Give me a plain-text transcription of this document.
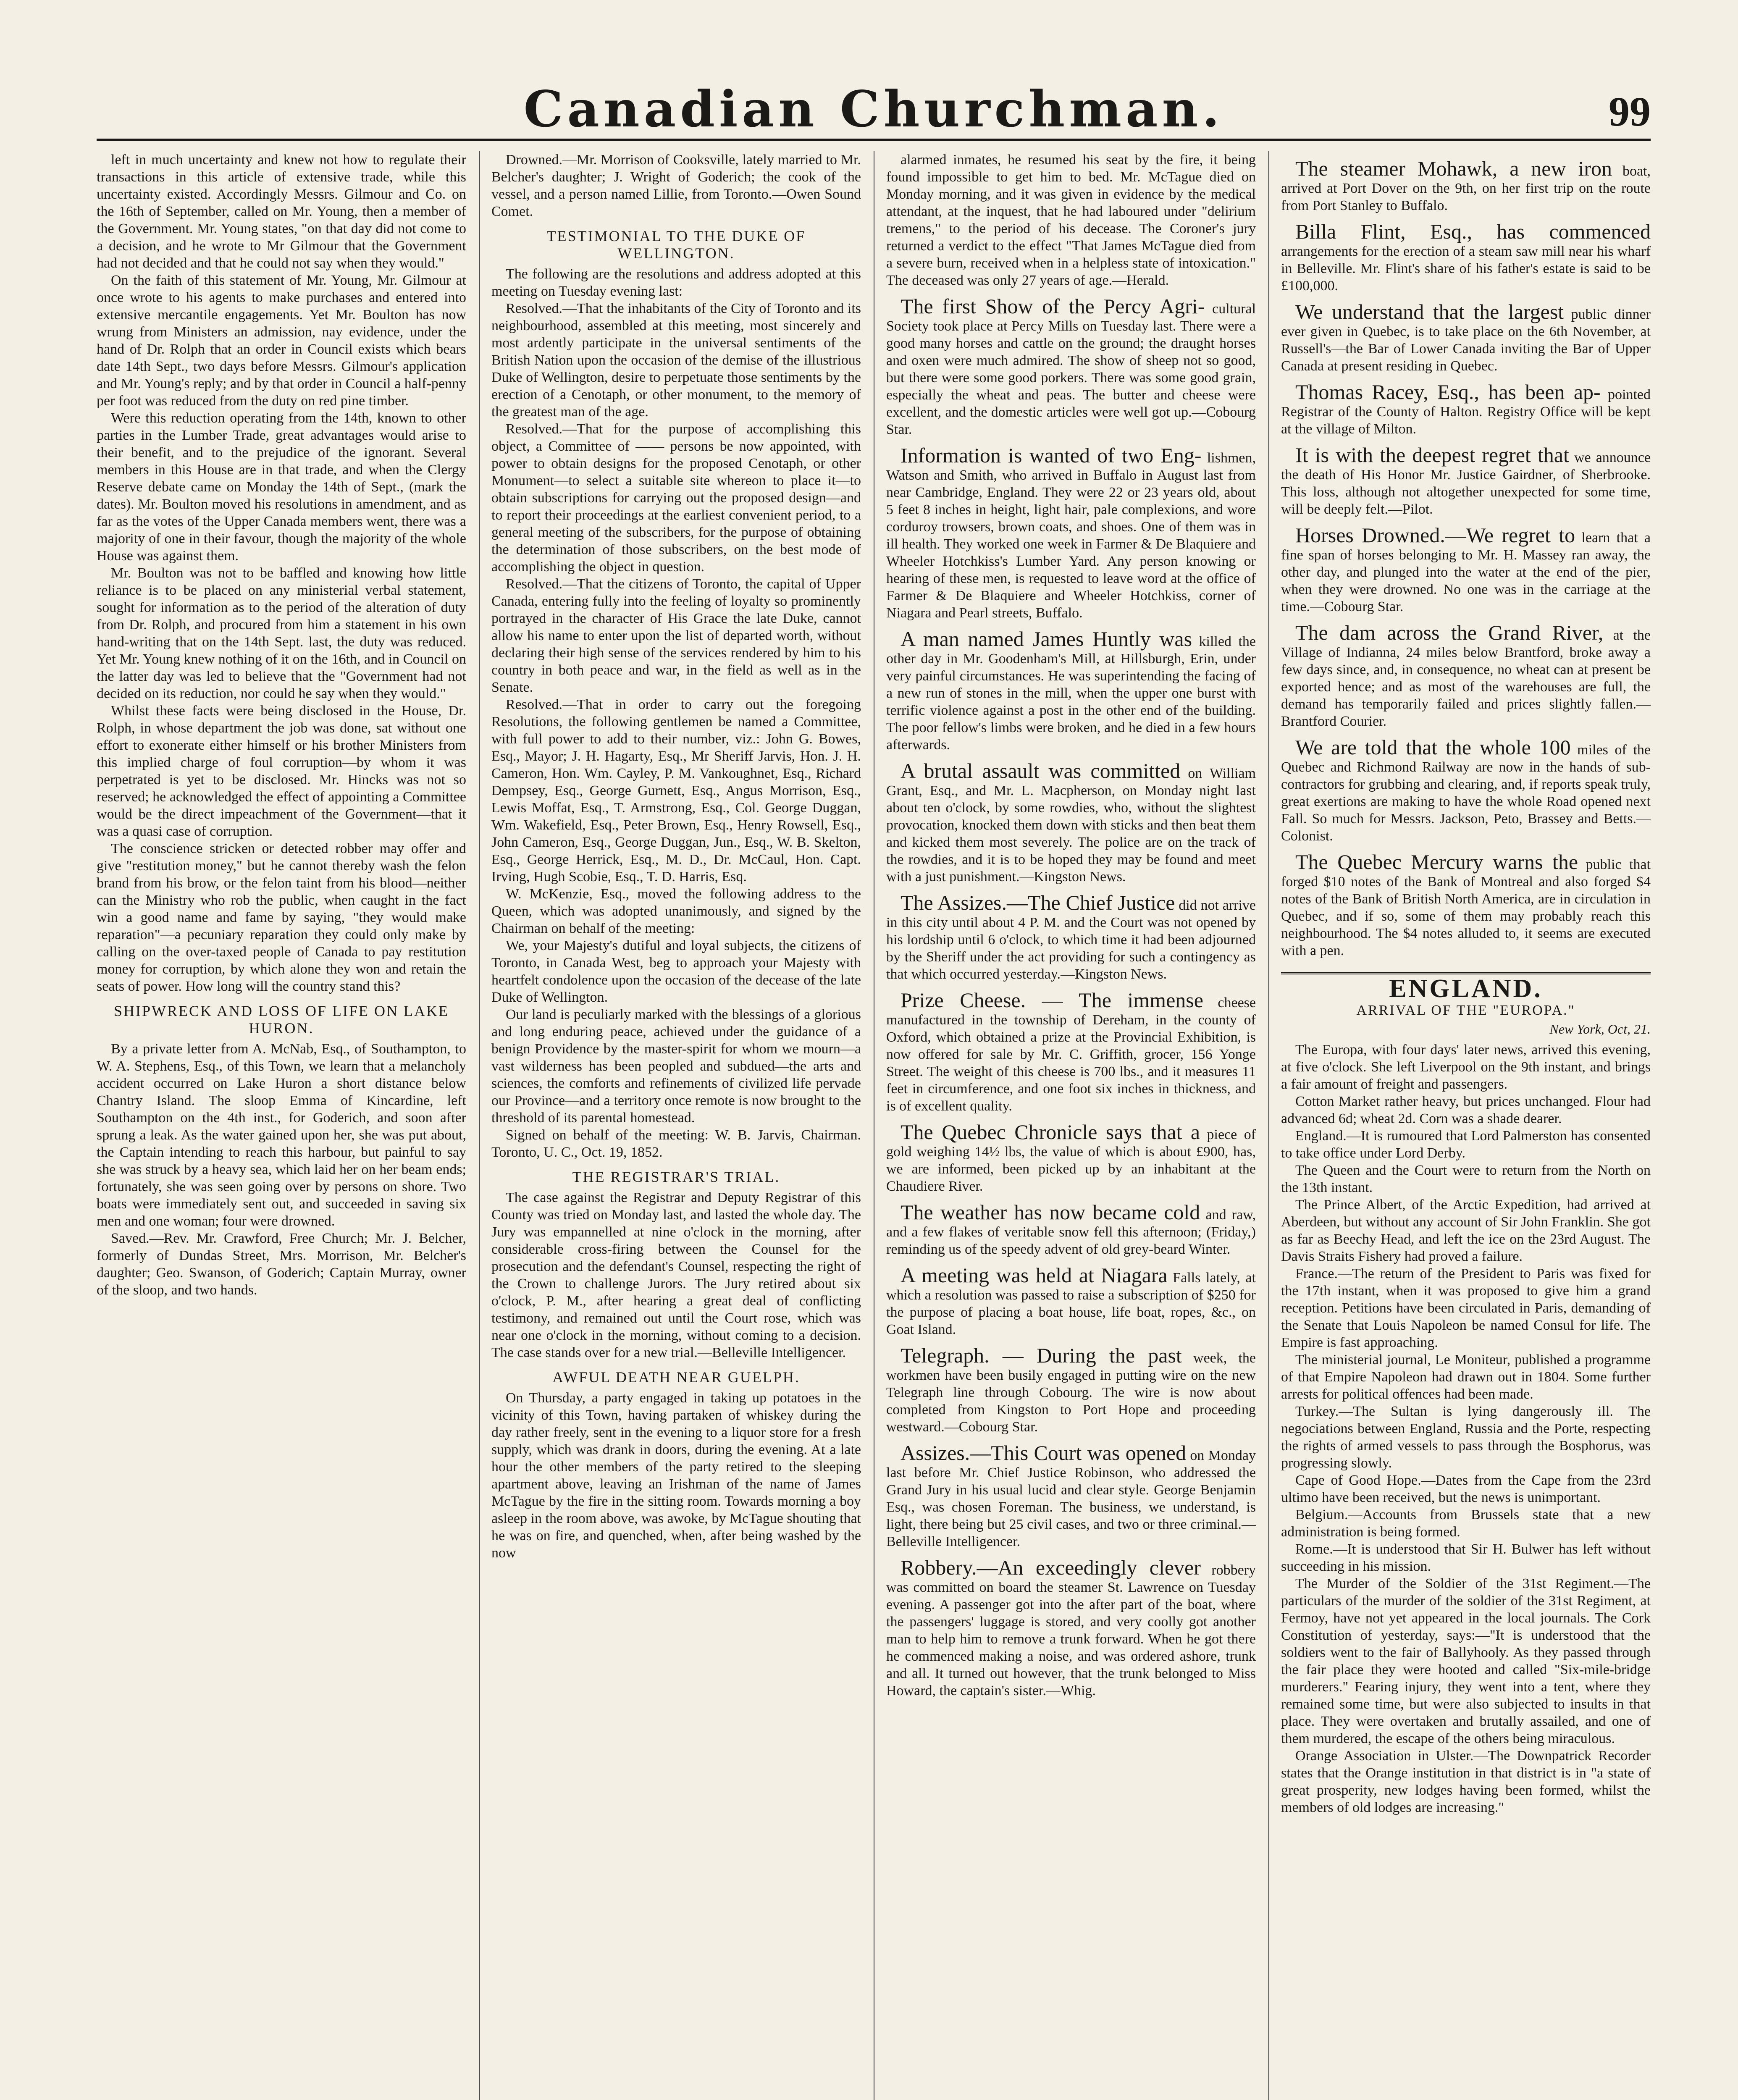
Canadian Churchman.	99

left in much uncertainty and knew not how to regulate their transactions in this article of extensive trade, while this uncertainty existed. Accordingly Messrs. Gilmour and Co. on the 16th of September, called on Mr. Young, then a member of the Government. Mr. Young states, "on that day did not come to a decision, and he wrote to Mr Gilmour that the Government had not decided and that he could not say when they would."

On the faith of this statement of Mr. Young, Mr. Gilmour at once wrote to his agents to make purchases and entered into extensive mercantile engagements. Yet Mr. Boulton has now wrung from Ministers an admission, nay evidence, under the hand of Dr. Rolph that an order in Council exists which bears date 14th Sept., two days before Messrs. Gilmour's application and Mr. Young's reply; and by that order in Council a half-penny per foot was reduced from the duty on red pine timber.

Were this reduction operating from the 14th, known to other parties in the Lumber Trade, great advantages would arise to their benefit, and to the prejudice of the ignorant. Several members in this House are in that trade, and when the Clergy Reserve debate came on Monday the 14th of Sept., (mark the dates). Mr. Boulton moved his resolutions in amendment, and as far as the votes of the Upper Canada members went, there was a majority of one in their favour, though the majority of the whole House was against them.

Mr. Boulton was not to be baffled and knowing how little reliance is to be placed on any ministerial verbal statement, sought for information as to the period of the alteration of duty from Dr. Rolph, and procured from him a statement in his own hand-writing that on the 14th Sept. last, the duty was reduced. Yet Mr. Young knew nothing of it on the 16th, and in Council on the latter day was led to believe that the "Government had not decided on its reduction, nor could he say when they would."

Whilst these facts were being disclosed in the House, Dr. Rolph, in whose department the job was done, sat without one effort to exonerate either himself or his brother Ministers from this implied charge of foul corruption—by whom it was perpetrated is yet to be disclosed. Mr. Hincks was not so reserved; he acknowledged the effect of appointing a Committee would be the direct impeachment of the Government—that it was a quasi case of corruption.

The conscience stricken or detected robber may offer and give "restitution money," but he cannot thereby wash the felon brand from his brow, or the felon taint from his blood—neither can the Ministry who rob the public, when caught in the fact win a good name and fame by saying, "they would make reparation"—a pecuniary reparation they could only make by calling on the over-taxed people of Canada to pay restitution money for corruption, by which alone they won and retain the seats of power. How long will the country stand this?

SHIPWRECK AND LOSS OF LIFE ON LAKE HURON.

By a private letter from A. McNab, Esq., of Southampton, to W. A. Stephens, Esq., of this Town, we learn that a melancholy accident occurred on Lake Huron a short distance below Chantry Island. The sloop Emma of Kincardine, left Southampton on the 4th inst., for Goderich, and soon after sprung a leak. As the water gained upon her, she was put about, the Captain intending to reach this harbour, but painful to say she was struck by a heavy sea, which laid her on her beam ends; fortunately, she was seen going over by persons on shore. Two boats were immediately sent out, and succeeded in saving six men and one woman; four were drowned.

Saved.—Rev. Mr. Crawford, Free Church; Mr. J. Belcher, formerly of Dundas Street, Mrs. Morrison, Mr. Belcher's daughter; Geo. Swanson, of Goderich; Captain Murray, owner of the sloop, and two hands.

Drowned.—Mr. Morrison of Cooksville, lately married to Mr. Belcher's daughter; J. Wright of Goderich; the cook of the vessel, and a person named Lillie, from Toronto.—Owen Sound Comet.

TESTIMONIAL TO THE DUKE OF WELLINGTON.

The following are the resolutions and address adopted at this meeting on Tuesday evening last:

Resolved.—That the inhabitants of the City of Toronto and its neighbourhood, assembled at this meeting, most sincerely and most ardently participate in the universal sentiments of the British Nation upon the occasion of the demise of the illustrious Duke of Wellington, desire to perpetuate those sentiments by the erection of a Cenotaph, or other monument, to the memory of the greatest man of the age.

Resolved.—That for the purpose of accomplishing this object, a Committee of —— persons be now appointed, with power to obtain designs for the proposed Cenotaph, or other Monument—to select a suitable site whereon to place it—to obtain subscriptions for carrying out the proposed design—and to report their proceedings at the earliest convenient period, to a general meeting of the subscribers, for the purpose of obtaining the determination of those subscribers, on the best mode of accomplishing the object in question.

Resolved.—That the citizens of Toronto, the capital of Upper Canada, entering fully into the feeling of loyalty so prominently portrayed in the character of His Grace the late Duke, cannot allow his name to enter upon the list of departed worth, without declaring their high sense of the services rendered by him to his country in both peace and war, in the field as well as in the Senate.

Resolved.—That in order to carry out the foregoing Resolutions, the following gentlemen be named a Committee, with full power to add to their number, viz.: John G. Bowes, Esq., Mayor; J. H. Hagarty, Esq., Mr Sheriff Jarvis, Hon. J. H. Cameron, Hon. Wm. Cayley, P. M. Vankoughnet, Esq., Richard Dempsey, Esq., George Gurnett, Esq., Angus Morrison, Esq., Lewis Moffat, Esq., T. Armstrong, Esq., Col. George Duggan, Wm. Wakefield, Esq., Peter Brown, Esq., Henry Rowsell, Esq., John Cameron, Esq., George Duggan, Jun., Esq., W. B. Skelton, Esq., George Herrick, Esq., M. D., Dr. McCaul, Hon. Capt. Irving, Hugh Scobie, Esq., T. D. Harris, Esq.

W. McKenzie, Esq., moved the following address to the Queen, which was adopted unanimously, and signed by the Chairman on behalf of the meeting:

We, your Majesty's dutiful and loyal subjects, the citizens of Toronto, in Canada West, beg to approach your Majesty with heartfelt condolence upon the occasion of the decease of the late Duke of Wellington.

Our land is peculiarly marked with the blessings of a glorious and long enduring peace, achieved under the guidance of a benign Providence by the master-spirit for whom we mourn—a vast wilderness has been peopled and subdued—the arts and sciences, the comforts and refinements of civilized life pervade our Province—and a territory once remote is now brought to the threshold of its parental homestead.

Signed on behalf of the meeting: W. B. Jarvis, Chairman. Toronto, U. C., Oct. 19, 1852.

THE REGISTRAR'S TRIAL.

The case against the Registrar and Deputy Registrar of this County was tried on Monday last, and lasted the whole day. The Jury was empannelled at nine o'clock in the morning, after considerable cross-firing between the Counsel for the prosecution and the defendant's Counsel, respecting the right of the Crown to challenge Jurors. The Jury retired about six o'clock, P. M., after hearing a great deal of conflicting testimony, and remained out until the Court rose, which was near one o'clock in the morning, without coming to a decision. The case stands over for a new trial.—Belleville Intelligencer.

AWFUL DEATH NEAR GUELPH.

On Thursday, a party engaged in taking up potatoes in the vicinity of this Town, having partaken of whiskey during the day rather freely, sent in the evening to a liquor store for a fresh supply, which was drank in doors, during the evening. At a late hour the other members of the party retired to the sleeping apartment above, leaving an Irishman of the name of James McTague by the fire in the sitting room. Towards morning a boy asleep in the room above, was awoke, by McTague shouting that he was on fire, and quenched, when, after being washed by the now

alarmed inmates, he resumed his seat by the fire, it being found impossible to get him to bed. Mr. McTague died on Monday morning, and it was given in evidence by the medical attendant, at the inquest, that he had laboured under "delirium tremens," to the period of his decease. The Coroner's jury returned a verdict to the effect "That James McTague died from a severe burn, received when in a helpless state of intoxication." The deceased was only 27 years of age.—Herald.

The first Show of the Percy Agri- cultural Society took place at Percy Mills on Tuesday last. There were a good many horses and cattle on the ground; the draught horses and oxen were much admired. The show of sheep not so good, but there were some good porkers. There was some good grain, especially the wheat and peas. The butter and cheese were excellent, and the domestic articles were well got up.—Cobourg Star.

Information is wanted of two Eng- lishmen, Watson and Smith, who arrived in Buffalo in August last from near Cambridge, England. They were 22 or 23 years old, about 5 feet 8 inches in height, light hair, pale complexions, and wore corduroy trowsers, brown coats, and shoes. One of them was in ill health. They worked one week in Farmer & De Blaquiere and Wheeler Hotchkiss's Lumber Yard. Any person knowing or hearing of these men, is requested to leave word at the office of Farmer & De Blaquiere and Wheeler Hotchkiss, corner of Niagara and Pearl streets, Buffalo.

A man named James Huntly was killed the other day in Mr. Goodenham's Mill, at Hillsburgh, Erin, under very painful circumstances. He was superintending the facing of a new run of stones in the mill, when the upper one burst with terrific violence against a post in the other end of the building. The poor fellow's limbs were broken, and he died in a few hours afterwards.

A brutal assault was committed on William Grant, Esq., and Mr. L. Macpherson, on Monday night last about ten o'clock, by some rowdies, who, without the slightest provocation, knocked them down with sticks and then beat them and kicked them most severely. The police are on the track of the rowdies, and it is to be hoped they may be found and meet with a just punishment.—Kingston News.

The Assizes.—The Chief Justice did not arrive in this city until about 4 P. M. and the Court was not opened by his lordship until 6 o'clock, to which time it had been adjourned by the Sheriff under the act providing for such a contingency as that which occurred yesterday.—Kingston News.

Prize Cheese. — The immense cheese manufactured in the township of Dereham, in the county of Oxford, which obtained a prize at the Provincial Exhibition, is now offered for sale by Mr. C. Griffith, grocer, 156 Yonge Street. The weight of this cheese is 700 lbs., and it measures 11 feet in circumference, and one foot six inches in thickness, and is of excellent quality.

The Quebec Chronicle says that a piece of gold weighing 14½ lbs, the value of which is about £900, has, we are informed, been picked up by an inhabitant at the Chaudiere River.

The weather has now became cold and raw, and a few flakes of veritable snow fell this afternoon; (Friday,) reminding us of the speedy advent of old grey-beard Winter.

A meeting was held at Niagara Falls lately, at which a resolution was passed to raise a subscription of $250 for the purpose of placing a boat house, life boat, ropes, &c., on Goat Island.

Telegraph. — During the past week, the workmen have been busily engaged in putting wire on the new Telegraph line through Cobourg. The wire is now about completed from Kingston to Port Hope and proceeding westward.—Cobourg Star.

Assizes.—This Court was opened on Monday last before Mr. Chief Justice Robinson, who addressed the Grand Jury in his usual lucid and clear style. George Benjamin Esq., was chosen Foreman. The business, we understand, is light, there being but 25 civil cases, and two or three criminal.—Belleville Intelligencer.

Robbery.—An exceedingly clever robbery was committed on board the steamer St. Lawrence on Tuesday evening. A passenger got into the after part of the boat, where the passengers' luggage is stored, and very coolly got another man to help him to remove a trunk forward. When he got there he commenced making a noise, and was ordered ashore, trunk and all. It turned out however, that the trunk belonged to Miss Howard, the captain's sister.—Whig.

The steamer Mohawk, a new iron boat, arrived at Port Dover on the 9th, on her first trip on the route from Port Stanley to Buffalo.

Billa Flint, Esq., has commenced arrangements for the erection of a steam saw mill near his wharf in Belleville. Mr. Flint's share of his father's estate is said to be £100,000.

We understand that the largest public dinner ever given in Quebec, is to take place on the 6th November, at Russell's—the Bar of Lower Canada inviting the Bar of Upper Canada at present residing in Quebec.

Thomas Racey, Esq., has been ap- pointed Registrar of the County of Halton. Registry Office will be kept at the village of Milton.

It is with the deepest regret that we announce the death of His Honor Mr. Justice Gairdner, of Sherbrooke. This loss, although not altogether unexpected for some time, will be deeply felt.—Pilot.

Horses Drowned.—We regret to learn that a fine span of horses belonging to Mr. H. Massey ran away, the other day, and plunged into the water at the end of the pier, when they were drowned. No one was in the carriage at the time.—Cobourg Star.

The dam across the Grand River, at the Village of Indianna, 24 miles below Brantford, broke away a few days since, and, in consequence, no wheat can at present be exported hence; and as most of the warehouses are full, the demand has temporarily failed and prices slightly fallen.—Brantford Courier.

We are told that the whole 100 miles of the Quebec and Richmond Railway are now in the hands of sub-contractors for grubbing and clearing, and, if reports speak truly, great exertions are making to have the whole Road opened next Fall. So much for Messrs. Jackson, Peto, Brassey and Betts.—Colonist.

The Quebec Mercury warns the public that forged $10 notes of the Bank of Montreal and also forged $4 notes of the Bank of British North America, are in circulation in Quebec, and if so, some of them may probably reach this neighbourhood. The $4 notes alluded to, it seems are executed with a pen.

ENGLAND.
ARRIVAL OF THE "EUROPA."
New York, Oct, 21.

The Europa, with four days' later news, arrived this evening, at five o'clock. She left Liverpool on the 9th instant, and brings a fair amount of freight and passengers.

Cotton Market rather heavy, but prices unchanged. Flour had advanced 6d; wheat 2d. Corn was a shade dearer.

England.—It is rumoured that Lord Palmerston has consented to take office under Lord Derby.

The Queen and the Court were to return from the North on the 13th instant.

The Prince Albert, of the Arctic Expedition, had arrived at Aberdeen, but without any account of Sir John Franklin. She got as far as Beechy Head, and left the ice on the 23rd August. The Davis Straits Fishery had proved a failure.

France.—The return of the President to Paris was fixed for the 17th instant, when it was proposed to give him a grand reception. Petitions have been circulated in Paris, demanding of the Senate that Louis Napoleon be named Consul for life. The Empire is fast approaching.

The ministerial journal, Le Moniteur, published a programme of that Empire Napoleon had drawn out in 1804. Some further arrests for political offences had been made.

Turkey.—The Sultan is lying dangerously ill. The negociations between England, Russia and the Porte, respecting the rights of armed vessels to pass through the Bosphorus, was progressing slowly.

Cape of Good Hope.—Dates from the Cape from the 23rd ultimo have been received, but the news is unimportant.

Belgium.—Accounts from Brussels state that a new administration is being formed.

Rome.—It is understood that Sir H. Bulwer has left without succeeding in his mission.

The Murder of the Soldier of the 31st Regiment.—The particulars of the murder of the soldier of the 31st Regiment, at Fermoy, have not yet appeared in the local journals. The Cork Constitution of yesterday, says:—"It is understood that the soldiers went to the fair of Ballyhooly. As they passed through the fair place they were hooted and called "Six-mile-bridge murderers." Fearing injury, they went into a tent, where they remained some time, but were also subjected to insults in that place. They were overtaken and brutally assailed, and one of them murdered, the escape of the others being miraculous.

Orange Association in Ulster.—The Downpatrick Recorder states that the Orange institution in that district is in "a state of great prosperity, new lodges having been formed, whilst the members of old lodges are increasing."
